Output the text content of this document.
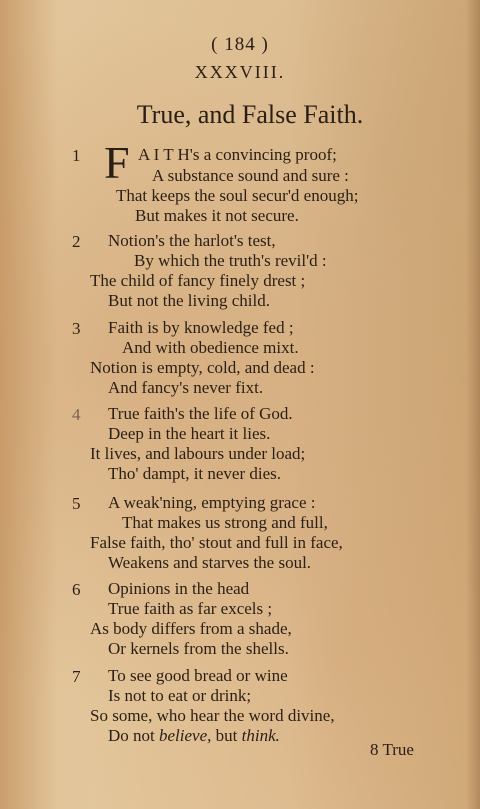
( 184 )
XXXVIII.
True, and False Faith.
1 F A I T H's a convincing proof;
A substance sound and sure :
That keeps the soul secur'd enough;
But makes it not secure.
2 Notion's the harlot's test,
By which the truth's revil'd :
The child of fancy finely drest ;
But not the living child.
3 Faith is by knowledge fed ;
And with obedience mixt.
Notion is empty, cold, and dead :
And fancy's never fixt.
4 True faith's the life of God.
Deep in the heart it lies.
It lives, and labours under load;
Tho' dampt, it never dies.
5 A weak'ning, emptying grace :
That makes us strong and full,
False faith, tho' stout and full in face,
Weakens and starves the soul.
6 Opinions in the head
True faith as far excels ;
As body differs from a shade,
Or kernels from the shells.
7 To see good bread or wine
Is not to eat or drink;
So some, who hear the word divine,
Do not believe, but think.
8 True
